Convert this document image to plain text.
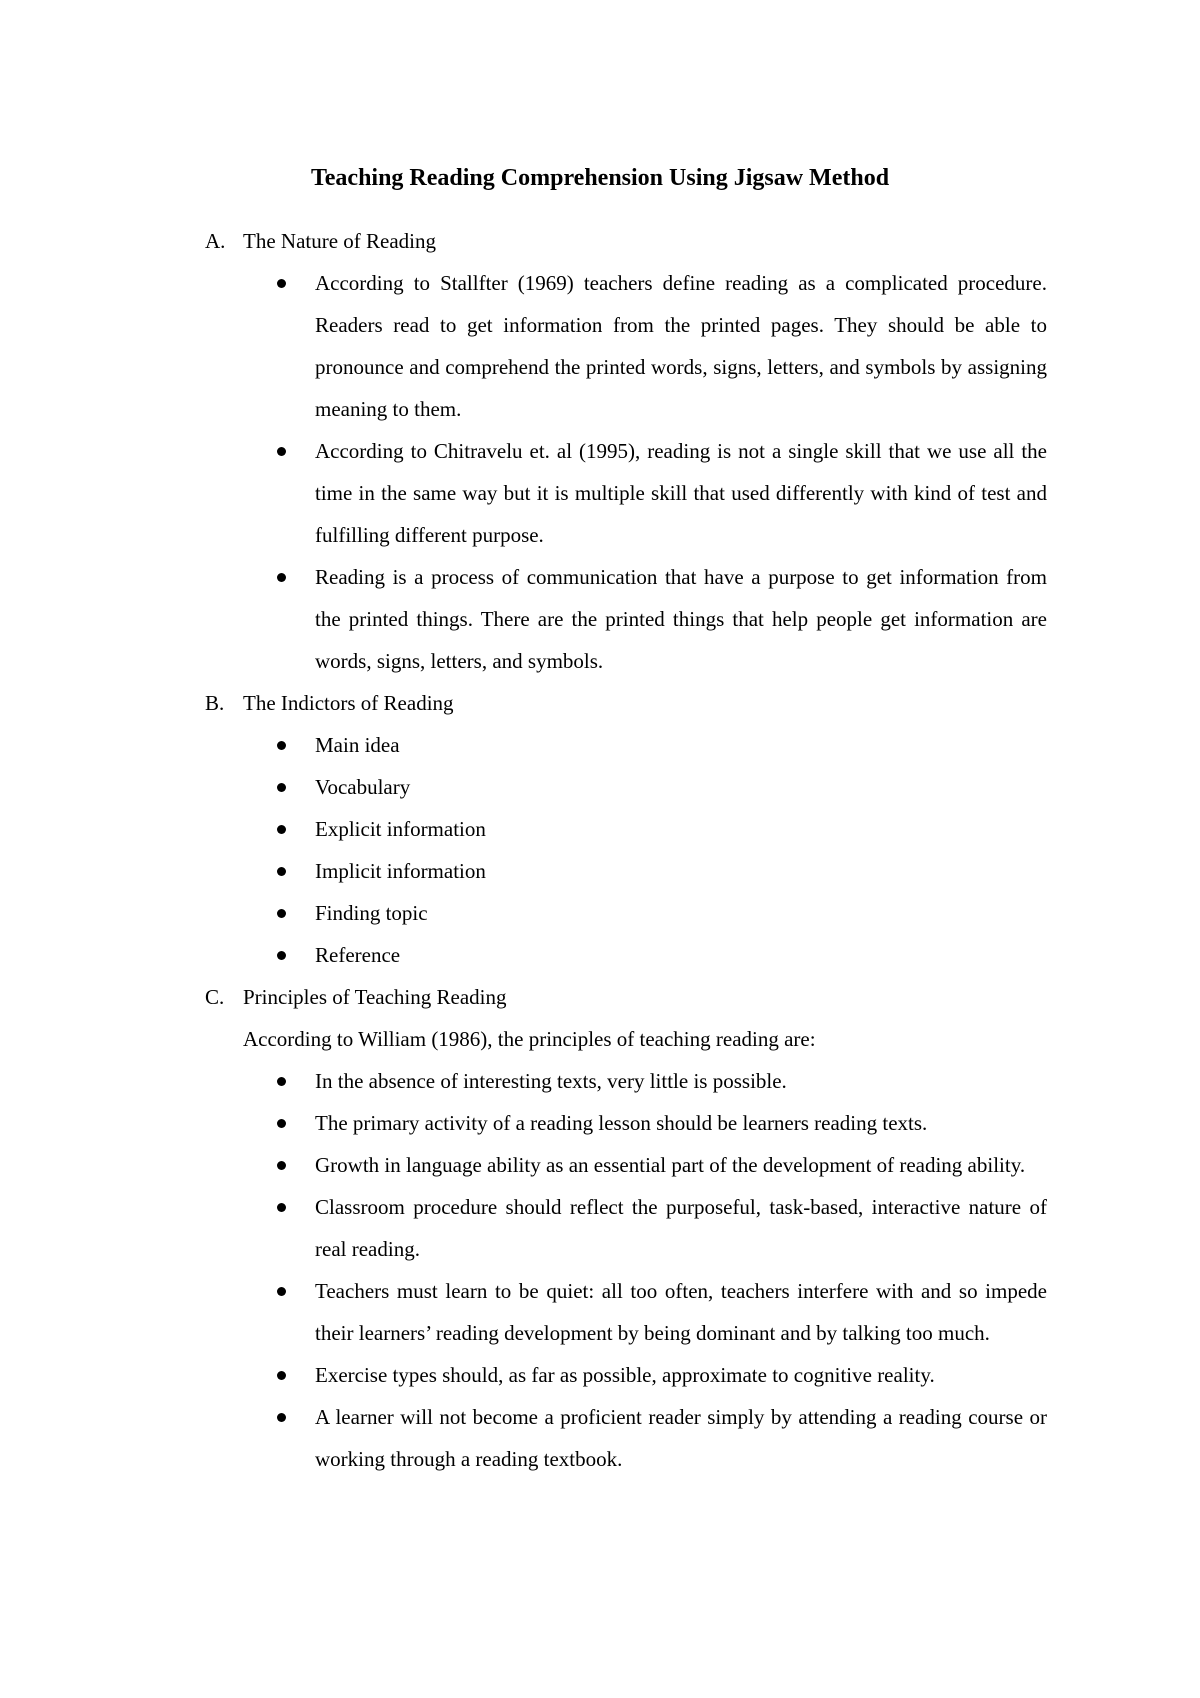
Teaching Reading Comprehension Using Jigsaw Method
A. The Nature of Reading
According to Stallfter (1969) teachers define reading as a complicated procedure. Readers read to get information from the printed pages. They should be able to pronounce and comprehend the printed words, signs, letters, and symbols by assigning meaning to them.
According to Chitravelu et. al (1995), reading is not a single skill that we use all the time in the same way but it is multiple skill that used differently with kind of test and fulfilling different purpose.
Reading is a process of communication that have a purpose to get information from the printed things. There are the printed things that help people get information are words, signs, letters, and symbols.
B. The Indictors of Reading
Main idea
Vocabulary
Explicit information
Implicit information
Finding topic
Reference
C. Principles of Teaching Reading
According to William (1986), the principles of teaching reading are:
In the absence of interesting texts, very little is possible.
The primary activity of a reading lesson should be learners reading texts.
Growth in language ability as an essential part of the development of reading ability.
Classroom procedure should reflect the purposeful, task-based, interactive nature of real reading.
Teachers must learn to be quiet: all too often, teachers interfere with and so impede their learners’ reading development by being dominant and by talking too much.
Exercise types should, as far as possible, approximate to cognitive reality.
A learner will not become a proficient reader simply by attending a reading course or working through a reading textbook.
